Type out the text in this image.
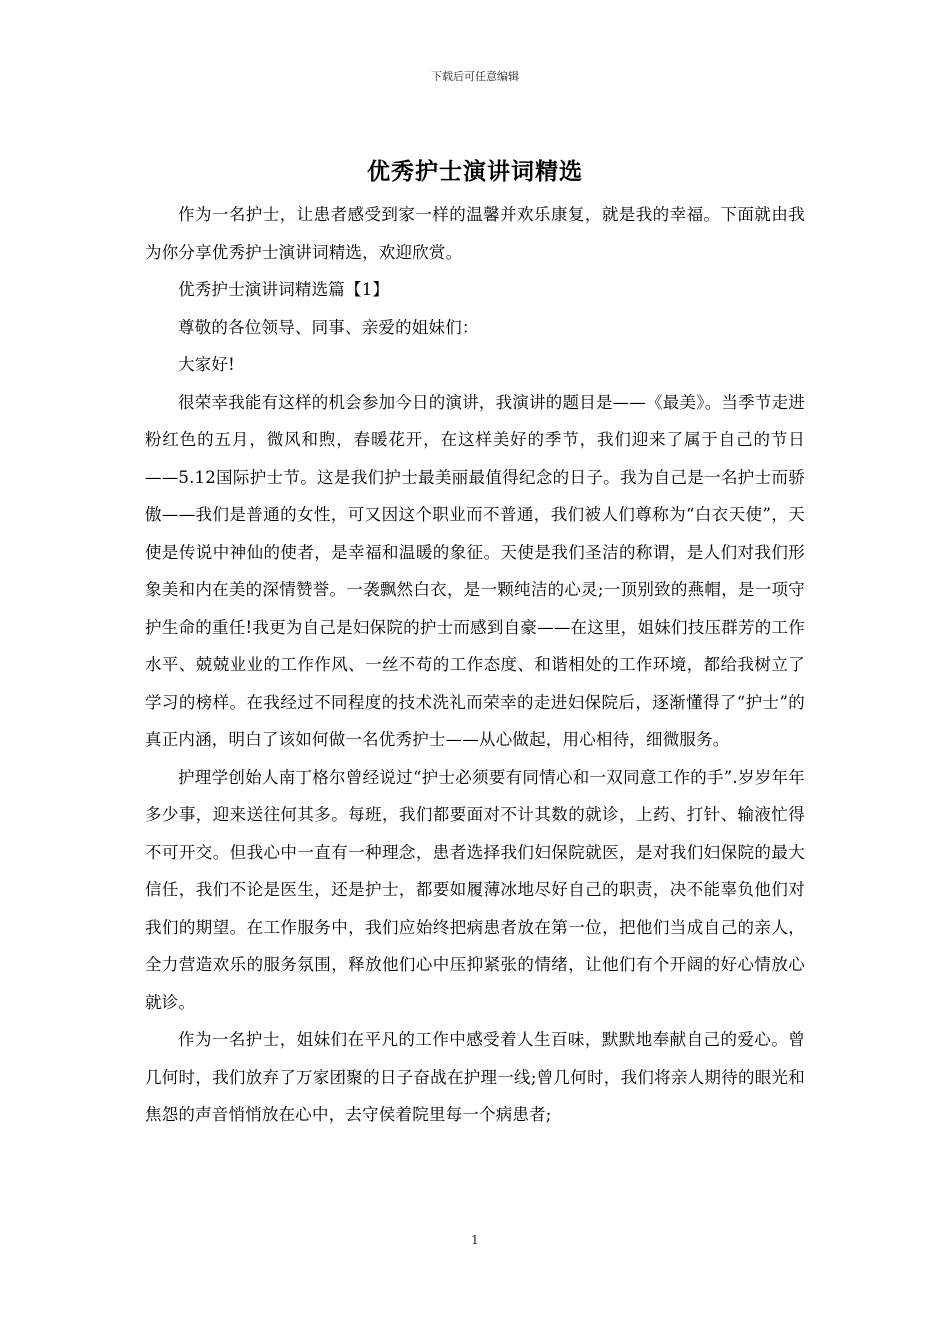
下载后可任意编辑
优秀护士演讲词精选

作为一名护士，让患者感受到家一样的温馨并欢乐康复，就是我的幸福。下面就由我为你分享优秀护士演讲词精选，欢迎欣赏。

优秀护士演讲词精选篇【1】

尊敬的各位领导、同事、亲爱的姐妹们：

大家好!

很荣幸我能有这样的机会参加今日的演讲，我演讲的题目是——《最美》。当季节走进粉红色的五月，微风和煦，春暖花开，在这样美好的季节，我们迎来了属于自己的节日——5.12国际护士节。这是我们护士最美丽最值得纪念的日子。我为自己是一名护士而骄傲——我们是普通的女性，可又因这个职业而不普通，我们被人们尊称为“白衣天使”，天使是传说中神仙的使者，是幸福和温暖的象征。天使是我们圣洁的称谓，是人们对我们形象美和内在美的深情赞誉。一袭飘然白衣，是一颗纯洁的心灵;一顶别致的燕帽，是一项守护生命的重任!我更为自己是妇保院的护士而感到自豪——在这里，姐妹们技压群芳的工作水平、兢兢业业的工作作风、一丝不苟的工作态度、和谐相处的工作环境，都给我树立了学习的榜样。在我经过不同程度的技术洗礼而荣幸的走进妇保院后，逐渐懂得了“护士”的真正内涵，明白了该如何做一名优秀护士——从心做起，用心相待，细微服务。

护理学创始人南丁格尔曾经说过“护士必须要有同情心和一双同意工作的手”.岁岁年年多少事，迎来送往何其多。每班，我们都要面对不计其数的就诊，上药、打针、输液忙得不可开交。但我心中一直有一种理念，患者选择我们妇保院就医，是对我们妇保院的最大信任，我们不论是医生，还是护士，都要如履薄冰地尽好自己的职责，决不能辜负他们对我们的期望。在工作服务中，我们应始终把病患者放在第一位，把他们当成自己的亲人，全力营造欢乐的服务氛围，释放他们心中压抑紧张的情绪，让他们有个开阔的好心情放心就诊。

作为一名护士，姐妹们在平凡的工作中感受着人生百味，默默地奉献自己的爱心。曾几何时，我们放弃了万家团聚的日子奋战在护理一线;曾几何时，我们将亲人期待的眼光和焦怨的声音悄悄放在心中，去守侯着院里每一个病患者;

1
